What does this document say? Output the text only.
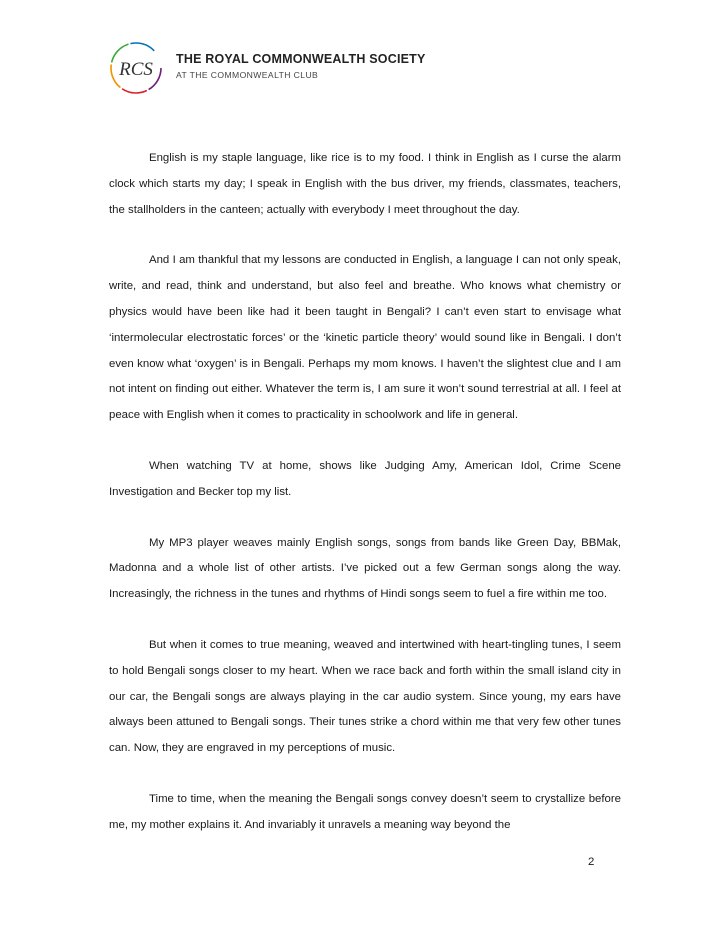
RCS THE ROYAL COMMONWEALTH SOCIETY
AT THE COMMONWEALTH CLUB

English is my staple language, like rice is to my food. I think in English as I curse the alarm clock which starts my day; I speak in English with the bus driver, my friends, classmates, teachers, the stallholders in the canteen; actually with everybody I meet throughout the day.

And I am thankful that my lessons are conducted in English, a language I can not only speak, write, and read, think and understand, but also feel and breathe. Who knows what chemistry or physics would have been like had it been taught in Bengali? I can’t even start to envisage what ‘intermolecular electrostatic forces’ or the ‘kinetic particle theory’ would sound like in Bengali. I don’t even know what ‘oxygen’ is in Bengali. Perhaps my mom knows. I haven’t the slightest clue and I am not intent on finding out either. Whatever the term is, I am sure it won’t sound terrestrial at all. I feel at peace with English when it comes to practicality in schoolwork and life in general.

When watching TV at home, shows like Judging Amy, American Idol, Crime Scene Investigation and Becker top my list.

My MP3 player weaves mainly English songs, songs from bands like Green Day, BBMak, Madonna and a whole list of other artists. I’ve picked out a few German songs along the way. Increasingly, the richness in the tunes and rhythms of Hindi songs seem to fuel a fire within me too.

But when it comes to true meaning, weaved and intertwined with heart-tingling tunes, I seem to hold Bengali songs closer to my heart. When we race back and forth within the small island city in our car, the Bengali songs are always playing in the car audio system. Since young, my ears have always been attuned to Bengali songs. Their tunes strike a chord within me that very few other tunes can. Now, they are engraved in my perceptions of music.

Time to time, when the meaning the Bengali songs convey doesn’t seem to crystallize before me, my mother explains it. And invariably it unravels a meaning way beyond the

2
